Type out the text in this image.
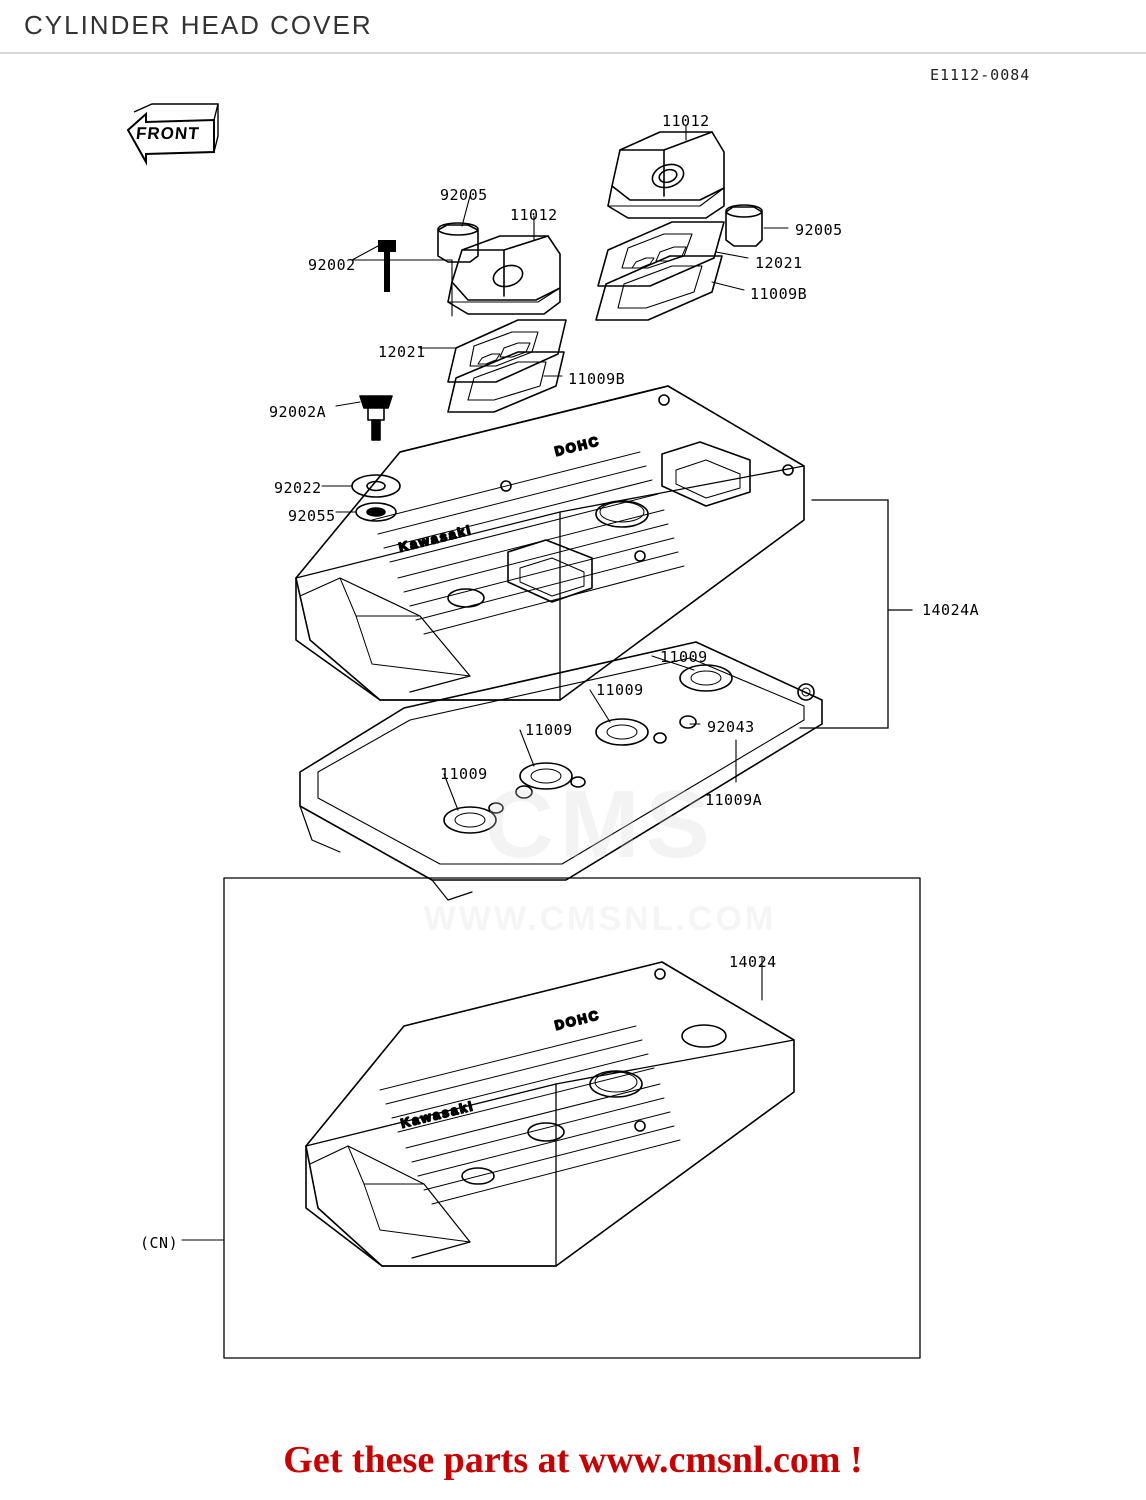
CYLINDER HEAD COVER
E1112-0084
FRONT
DOHC
Kawasaki
DOHC
Kawasaki
CMS
WWW.CMSNL.COM
11012
92005
12021
11009B
92005
11012
92002
12021
11009B
92002A
92022
92055
14024A
11009
11009
92043
11009
11009A
11009
14024
(CN)
Get these parts at www.cmsnl.com !
